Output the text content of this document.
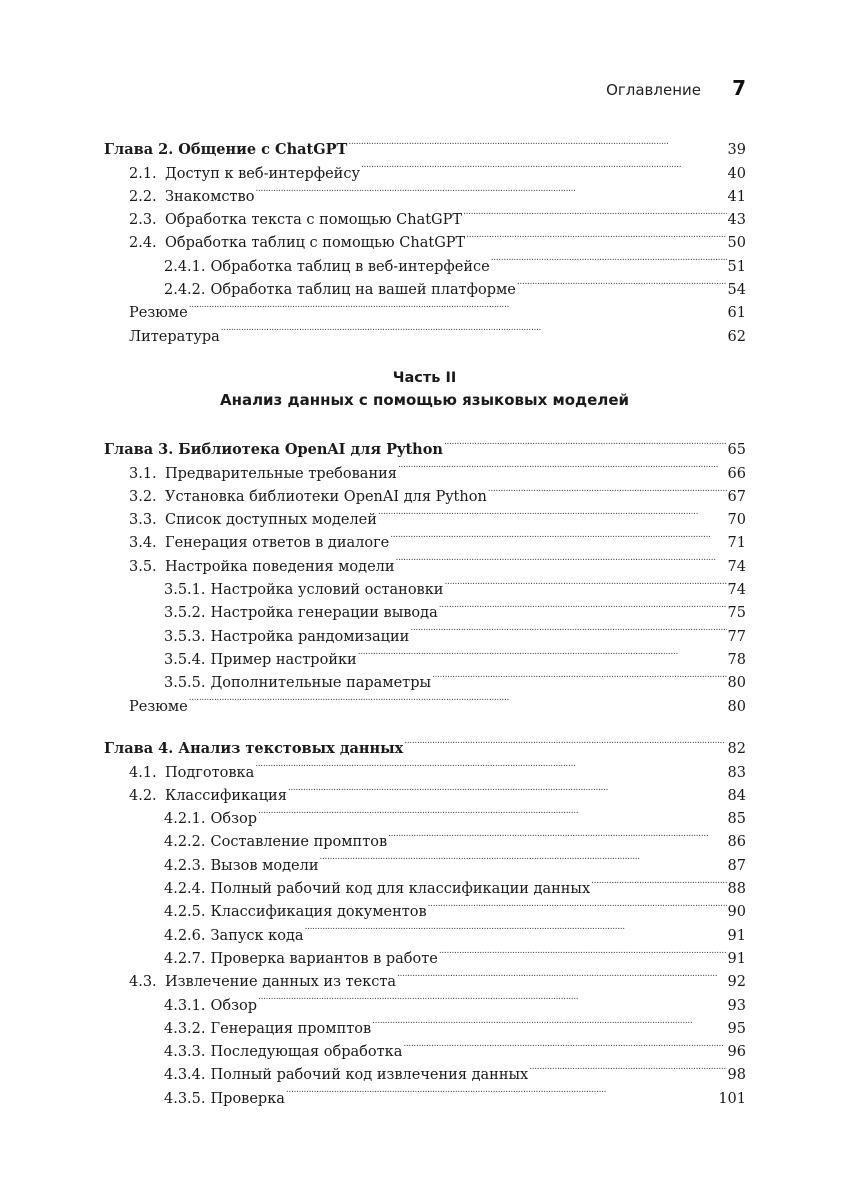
Оглавление 7
Глава 2. Общение с ChatGPT . . .	39
2.1. Доступ к веб-интерфейсу . . .	40
2.2. Знакомство . . .	41
2.3. Обработка текста с помощью ChatGPT . . .	43
2.4. Обработка таблиц с помощью ChatGPT . . .	50
2.4.1. Обработка таблиц в веб-интерфейсе . . .	51
2.4.2. Обработка таблиц на вашей платформе . . .	54
Резюме . . .	61
Литература . . .	62
Часть II
Анализ данных с помощью языковых моделей
Глава 3. Библиотека OpenAI для Python . . .	65
3.1. Предварительные требования . . .	66
3.2. Установка библиотеки OpenAI для Python . . .	67
3.3. Список доступных моделей . . .	70
3.4. Генерация ответов в диалоге . . .	71
3.5. Настройка поведения модели . . .	74
3.5.1. Настройка условий остановки . . .	74
3.5.2. Настройка генерации вывода . . .	75
3.5.3. Настройка рандомизации . . .	77
3.5.4. Пример настройки . . .	78
3.5.5. Дополнительные параметры . . .	80
Резюме . . .	80
Глава 4. Анализ текстовых данных . . .	82
4.1. Подготовка . . .	83
4.2. Классификация . . .	84
4.2.1. Обзор . . .	85
4.2.2. Составление промптов . . .	86
4.2.3. Вызов модели . . .	87
4.2.4. Полный рабочий код для классификации данных . . .	88
4.2.5. Классификация документов . . .	90
4.2.6. Запуск кода . . .	91
4.2.7. Проверка вариантов в работе . . .	91
4.3. Извлечение данных из текста . . .	92
4.3.1. Обзор . . .	93
4.3.2. Генерация промптов . . .	95
4.3.3. Последующая обработка . . .	96
4.3.4. Полный рабочий код извлечения данных . . .	98
4.3.5. Проверка . . .	101
